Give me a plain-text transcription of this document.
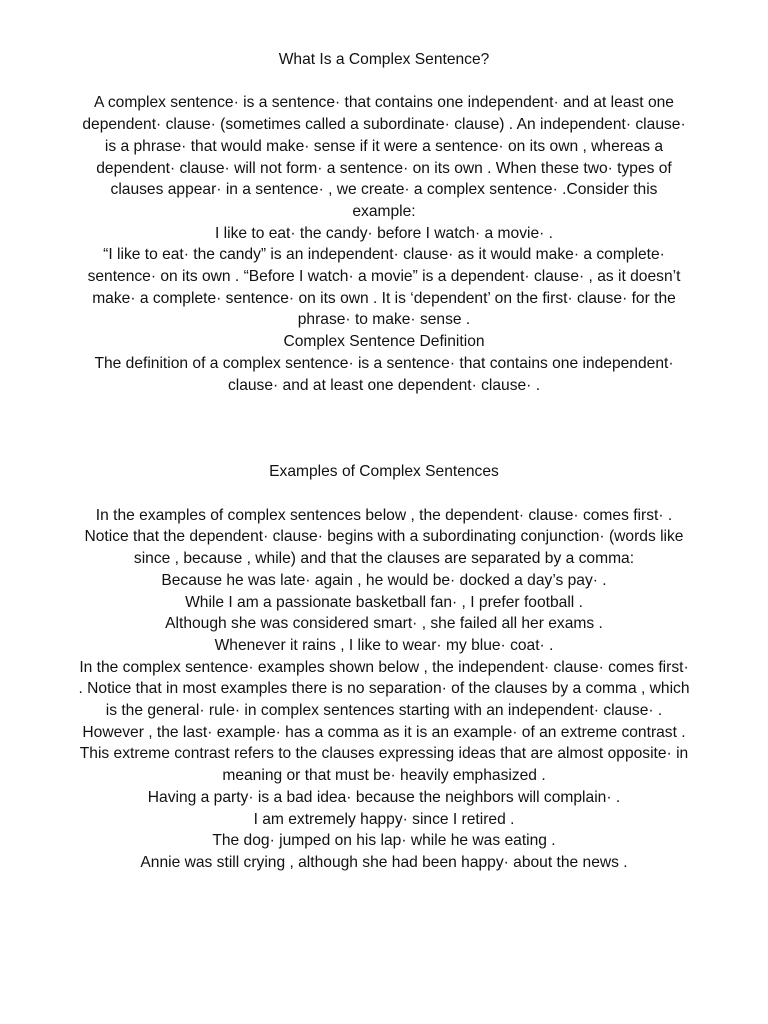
What Is a Complex Sentence?
A complex sentence· is a sentence· that contains one independent· and at least one
dependent· clause· (sometimes called a subordinate· clause) . An independent· clause·
is a phrase· that would make· sense if it were a sentence· on its own , whereas a
dependent· clause· will not form· a sentence· on its own . When these two· types of
clauses appear· in a sentence· , we create· a complex sentence· .Consider this
example:
I like to eat· the candy· before I watch· a movie· .
“I like to eat· the candy” is an independent· clause· as it would make· a complete·
sentence· on its own . “Before I watch· a movie” is a dependent· clause· , as it doesn’t
make· a complete· sentence· on its own . It is ‘dependent’ on the first· clause· for the
phrase· to make· sense .
Complex Sentence Definition
The definition of a complex sentence· is a sentence· that contains one independent·
clause· and at least one dependent· clause· .
Examples of Complex Sentences
In the examples of complex sentences below , the dependent· clause· comes first· .
Notice that the dependent· clause· begins with a subordinating conjunction· (words like
since , because , while) and that the clauses are separated by a comma:
Because he was late· again , he would be· docked a day’s pay· .
While I am a passionate basketball fan· , I prefer football .
Although she was considered smart· , she failed all her exams .
Whenever it rains , I like to wear· my blue· coat· .
In the complex sentence· examples shown below , the independent· clause· comes first·
. Notice that in most examples there is no separation· of the clauses by a comma , which
is the general· rule· in complex sentences starting with an independent· clause· .
However , the last· example· has a comma as it is an example· of an extreme contrast .
This extreme contrast refers to the clauses expressing ideas that are almost opposite· in
meaning or that must be· heavily emphasized .
Having a party· is a bad idea· because the neighbors will complain· .
I am extremely happy· since I retired .
The dog· jumped on his lap· while he was eating .
Annie was still crying , although she had been happy· about the news .
